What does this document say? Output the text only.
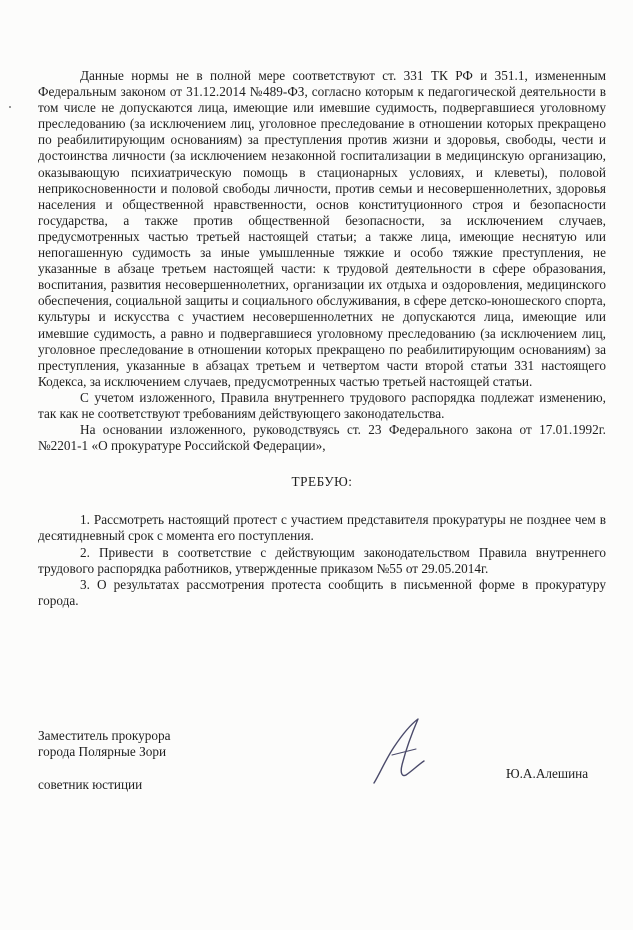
Данные нормы не в полной мере соответствуют ст. 331 ТК РФ и 351.1, измененным Федеральным законом от 31.12.2014 №489-ФЗ, согласно которым к педагогической деятельности в том числе не допускаются лица, имеющие или имевшие судимость, подвергавшиеся уголовному преследованию (за исключением лиц, уголовное преследование в отношении которых прекращено по реабилитирующим основаниям) за преступления против жизни и здоровья, свободы, чести и достоинства личности (за исключением незаконной госпитализации в медицинскую организацию, оказывающую психиатрическую помощь в стационарных условиях, и клеветы), половой неприкосновенности и половой свободы личности, против семьи и несовершеннолетних, здоровья населения и общественной нравственности, основ конституционного строя и безопасности государства, а также против общественной безопасности, за исключением случаев, предусмотренных частью третьей настоящей статьи; а также лица, имеющие неснятую или непогашенную судимость за иные умышленные тяжкие и особо тяжкие преступления, не указанные в абзаце третьем настоящей части: к трудовой деятельности в сфере образования, воспитания, развития несовершеннолетних, организации их отдыха и оздоровления, медицинского обеспечения, социальной защиты и социального обслуживания, в сфере детско-юношеского спорта, культуры и искусства с участием несовершеннолетних не допускаются лица, имеющие или имевшие судимость, а равно и подвергавшиеся уголовному преследованию (за исключением лиц, уголовное преследование в отношении которых прекращено по реабилитирующим основаниям) за преступления, указанные в абзацах третьем и четвертом части второй статьи 331 настоящего Кодекса, за исключением случаев, предусмотренных частью третьей настоящей статьи.

С учетом изложенного, Правила внутреннего трудового распорядка подлежат изменению, так как не соответствуют требованиям действующего законодательства.

На основании изложенного, руководствуясь ст. 23 Федерального закона от 17.01.1992г. №2201-1 «О прокуратуре Российской Федерации»,

ТРЕБУЮ:

1. Рассмотреть настоящий протест с участием представителя прокуратуры не позднее чем в десятидневный срок с момента его поступления.

2. Привести в соответствие с действующим законодательством Правила внутреннего трудового распорядка работников, утвержденные приказом №55 от 29.05.2014г.

3. О результатах рассмотрения протеста сообщить в письменной форме в прокуратуру города.

Заместитель прокурора
города Полярные Зори
советник юстиции
Ю.А.Алешина
